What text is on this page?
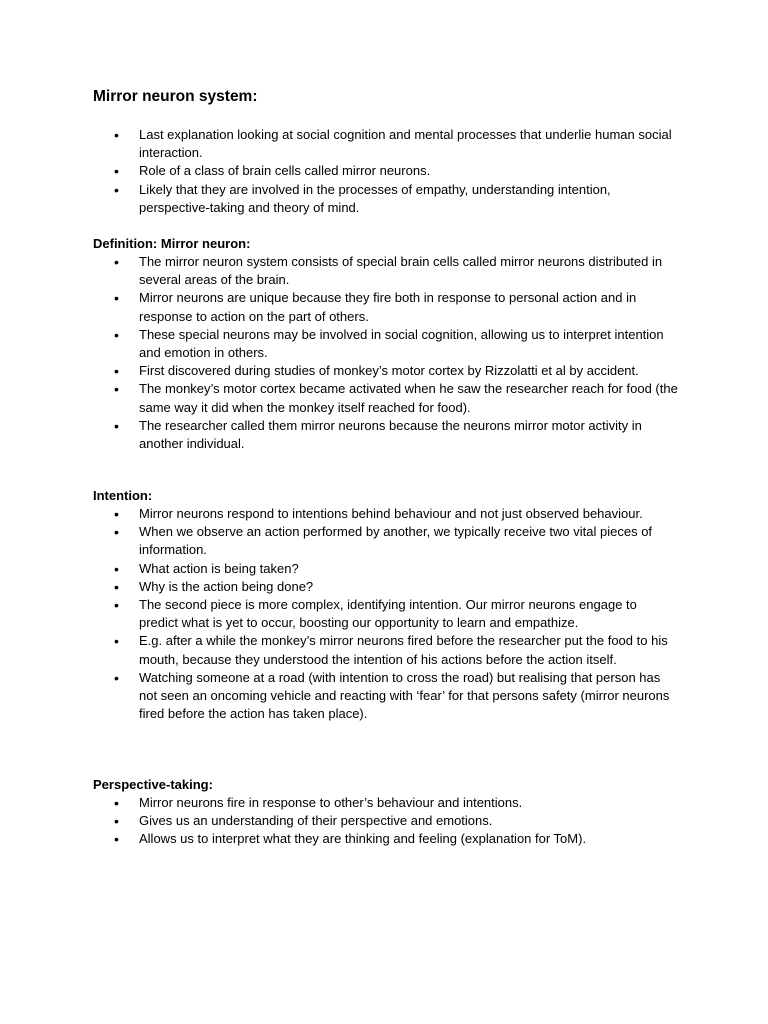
Mirror neuron system:
• Last explanation looking at social cognition and mental processes that underlie human social interaction.
• Role of a class of brain cells called mirror neurons.
• Likely that they are involved in the processes of empathy, understanding intention, perspective-taking and theory of mind.

Definition: Mirror neuron:

• The mirror neuron system consists of special brain cells called mirror neurons distributed in several areas of the brain.
• Mirror neurons are unique because they fire both in response to personal action and in response to action on the part of others.
• These special neurons may be involved in social cognition, allowing us to interpret intention and emotion in others.
• First discovered during studies of monkey’s motor cortex by Rizzolatti et al by accident.
• The monkey’s motor cortex became activated when he saw the researcher reach for food (the same way it did when the monkey itself reached for food).
• The researcher called them mirror neurons because the neurons mirror motor activity in another individual.

Intention:

• Mirror neurons respond to intentions behind behaviour and not just observed behaviour.
• When we observe an action performed by another, we typically receive two vital pieces of information.
• What action is being taken?
• Why is the action being done?
• The second piece is more complex, identifying intention. Our mirror neurons engage to predict what is yet to occur, boosting our opportunity to learn and empathize.
• E.g. after a while the monkey’s mirror neurons fired before the researcher put the food to his mouth, because they understood the intention of his actions before the action itself.
• Watching someone at a road (with intention to cross the road) but realising that person has not seen an oncoming vehicle and reacting with ‘fear’ for that persons safety (mirror neurons fired before the action has taken place).

Perspective-taking:

• Mirror neurons fire in response to other’s behaviour and intentions.
• Gives us an understanding of their perspective and emotions.
• Allows us to interpret what they are thinking and feeling (explanation for ToM).
